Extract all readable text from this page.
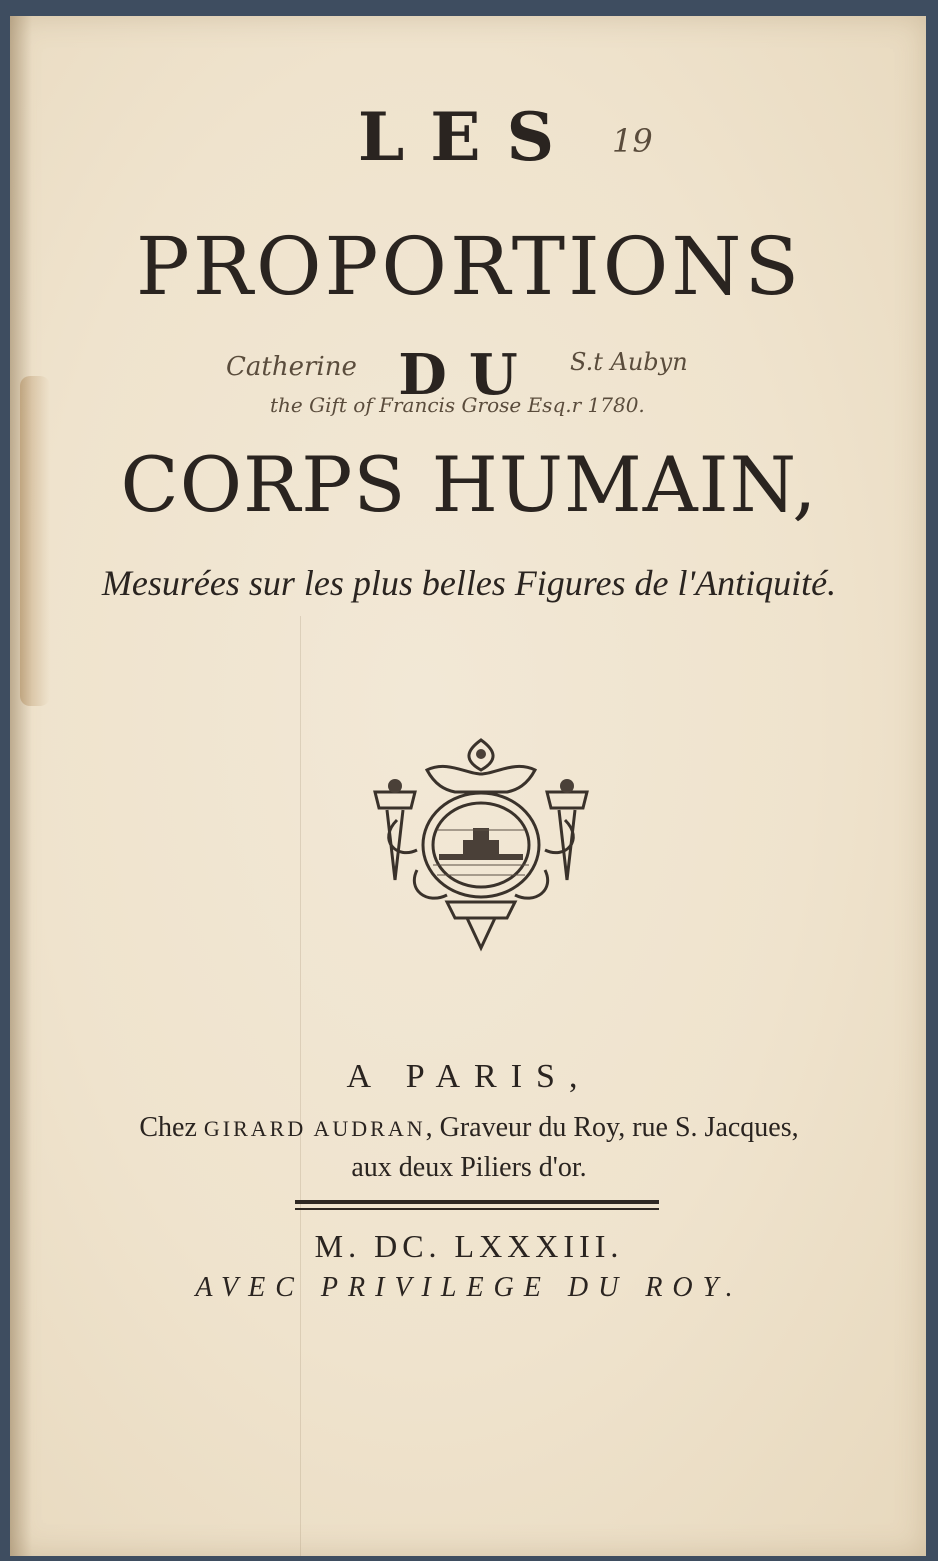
LES
PROPORTIONS
DU
CORPS HUMAIN,
Mesurées sur les plus belles Figures de l'Antiquité.
19
Catherine	S.t Aubyn
the Gift of Francis Grose Esq.r 1780.
A PARIS,
Chez GIRARD AUDRAN, Graveur du Roy, rue S. Jacques,
aux deux Piliers d'or.
M. DC. LXXXIII.
AVEC PRIVILEGE DU ROY.
